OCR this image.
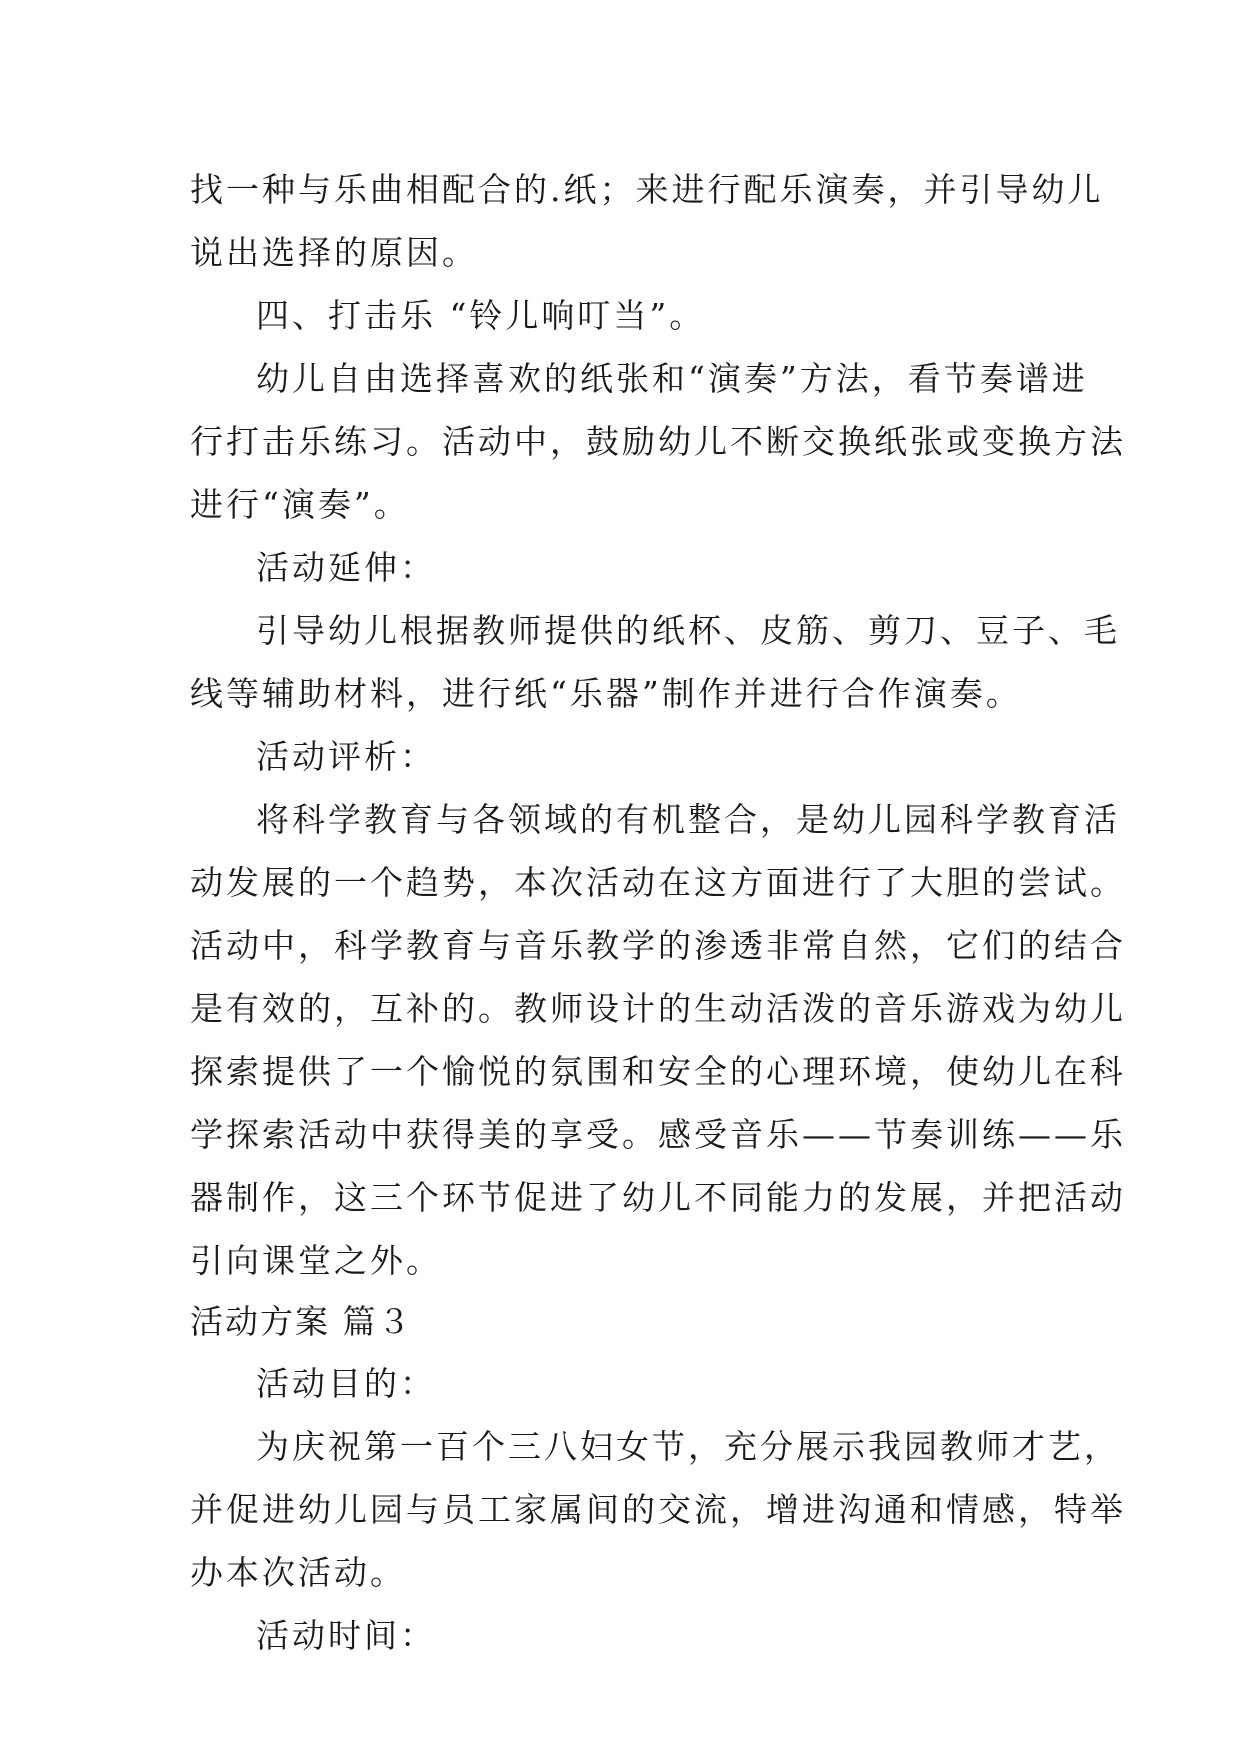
找一种与乐曲相配合的.纸；来进行配乐演奏，并引导幼儿
说出选择的原因。
四、打击乐 “铃儿响叮当”。
幼儿自由选择喜欢的纸张和“演奏”方法，看节奏谱进
行打击乐练习。活动中，鼓励幼儿不断交换纸张或变换方法
进行“演奏”。
活动延伸：
引导幼儿根据教师提供的纸杯、皮筋、剪刀、豆子、毛
线等辅助材料，进行纸“乐器”制作并进行合作演奏。
活动评析：
将科学教育与各领域的有机整合，是幼儿园科学教育活
动发展的一个趋势，本次活动在这方面进行了大胆的尝试。
活动中，科学教育与音乐教学的渗透非常自然，它们的结合
是有效的，互补的。教师设计的生动活泼的音乐游戏为幼儿
探索提供了一个愉悦的氛围和安全的心理环境，使幼儿在科
学探索活动中获得美的享受。感受音乐——节奏训练——乐
器制作，这三个环节促进了幼儿不同能力的发展，并把活动
引向课堂之外。
活动方案 篇３
活动目的：
为庆祝第一百个三八妇女节，充分展示我园教师才艺，
并促进幼儿园与员工家属间的交流，增进沟通和情感，特举
办本次活动。
活动时间：
